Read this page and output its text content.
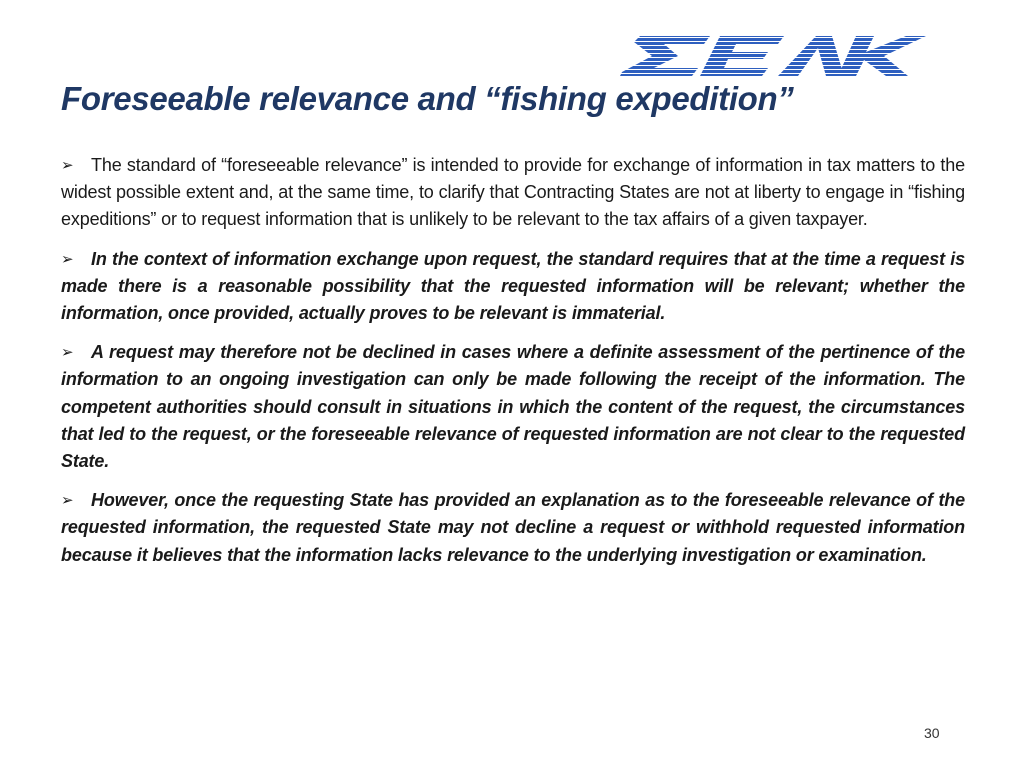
Foreseeable relevance and “fishing expedition”

➢ The standard of “foreseeable relevance” is intended to provide for exchange of information in tax matters to the widest possible extent and, at the same time, to clarify that Contracting States are not at liberty to engage in “fishing expeditions” or to request information that is unlikely to be relevant to the tax affairs of a given taxpayer.

➢ In the context of information exchange upon request, the standard requires that at the time a request is made there is a reasonable possibility that the requested information will be relevant; whether the information, once provided, actually proves to be relevant is immaterial.

➢ A request may therefore not be declined in cases where a definite assessment of the pertinence of the information to an ongoing investigation can only be made following the receipt of the information. The competent authorities should consult in situations in which the content of the request, the circumstances that led to the request, or the foreseeable relevance of requested information are not clear to the requested State.

➢ However, once the requesting State has provided an explanation as to the foreseeable relevance of the requested information, the requested State may not decline a request or withhold requested information because it believes that the information lacks relevance to the underlying investigation or examination.

30
